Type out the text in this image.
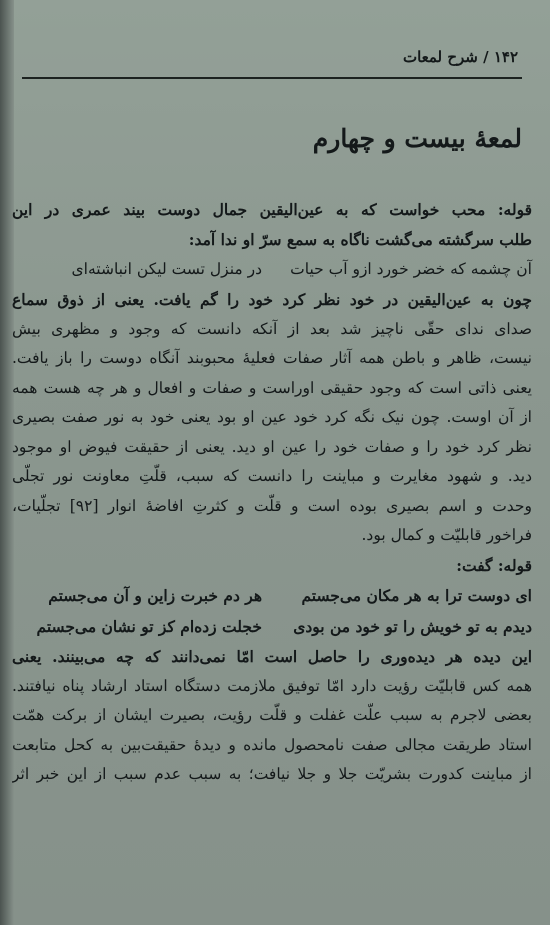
۱۴۲ / شرح لمعات
لمعهٔ بیست و چهارم
قوله: محب خواست که به عین‌الیقین جمال دوست بیند عمری در این
طلب سرگشته می‌گشت ناگاه به سمع سرّ او ندا آمد:
آن چشمه که خضر خورد ازو آب حیات
در منزل تست لیکن انباشته‌ای
چون به عین‌الیقین در خود نظر کرد خود را گم یافت. یعنی از ذوق سماع
صدای ندای حقّی ناچیز شد بعد از آنکه دانست که وجود و مظهری بیش
نیست، ظاهر و باطن همه آثار صفات فعلیهٔ محبوبند آنگاه دوست را باز یافت.
یعنی ذاتی است که وجود حقیقی اوراست و صفات و افعال و هر چه هست همه
از آن اوست. چون نیک نگه کرد خود عین او بود یعنی خود به نور صفت بصیری
نظر کرد خود را و صفات خود را عین او دید. یعنی از حقیقت فیوض او موجود
دید. و شهود مغایرت و مباینت را دانست که سبب، قلّتِ معاونت نور تجلّی
وحدت و اسم بصیری بوده است و قلّت و کثرتِ افاضهٔ انوار [۹۲] تجلّیات،
فراخور قابلیّت و کمال بود.
قوله: گفت:
ای دوست ترا به هر مکان می‌جستم
هر دم خبرت زاین و آن می‌جستم
دیدم به تو خویش را تو خود من بودی
خجلت زده‌ام کز تو نشان می‌جستم
این دیده هر دیده‌وری را حاصل است امّا نمی‌دانند که چه می‌بینند. یعنی
همه کس قابلیّت رؤیت دارد امّا توفیق ملازمت دستگاه استاد ارشاد پناه نیافتند.
بعضی لاجرم به سبب علّت غفلت و قلّت رؤیت، بصیرت ایشان از برکت همّت
استاد طریقت مجالی صفت نامحصول مانده و دیدهٔ حقیقت‌بین به کحل متابعت
از مباینت کدورت بشریّت جلا و جلا نیافت؛ به سبب عدم سبب از این خبر اثر
